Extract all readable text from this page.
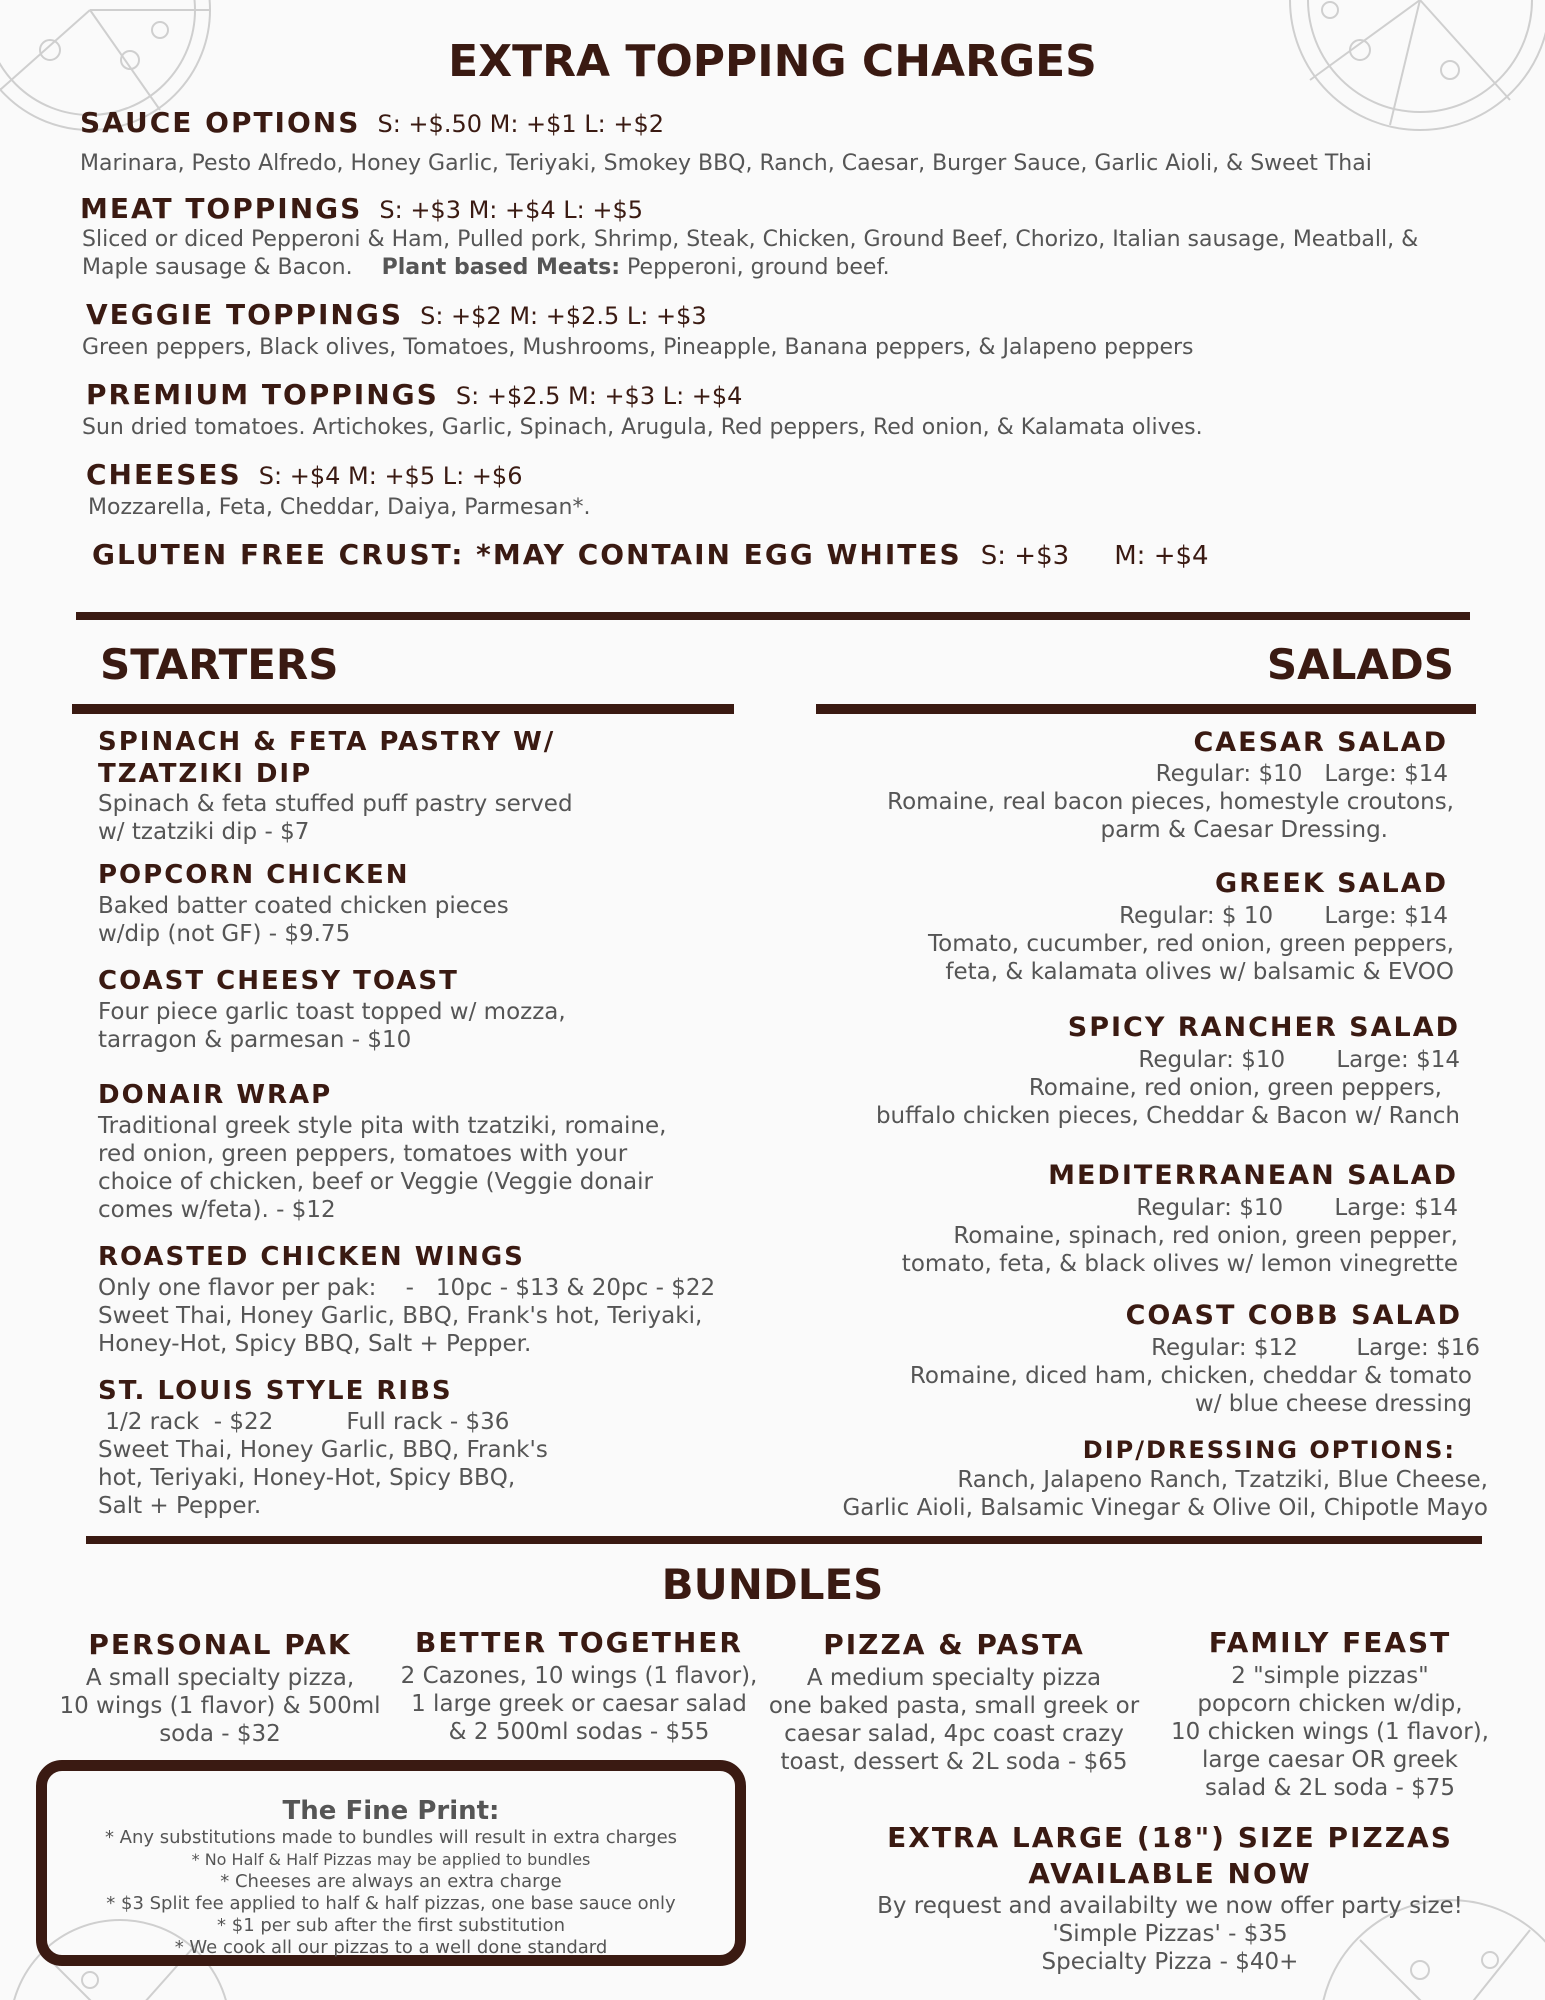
EXTRA TOPPING CHARGES
SAUCE OPTIONS S: +$.50 M: +$1 L: +$2
Marinara, Pesto Alfredo, Honey Garlic, Teriyaki, Smokey BBQ, Ranch, Caesar, Burger Sauce, Garlic Aioli, & Sweet Thai
MEAT TOPPINGS S: +$3 M: +$4 L: +$5
Sliced or diced Pepperoni & Ham, Pulled pork, Shrimp, Steak, Chicken, Ground Beef, Chorizo, Italian sausage, Meatball, &
Maple sausage & Bacon. Plant based Meats: Pepperoni, ground beef.
VEGGIE TOPPINGS S: +$2 M: +$2.5 L: +$3
Green peppers, Black olives, Tomatoes, Mushrooms, Pineapple, Banana peppers, & Jalapeno peppers
PREMIUM TOPPINGS S: +$2.5 M: +$3 L: +$4
Sun dried tomatoes. Artichokes, Garlic, Spinach, Arugula, Red peppers, Red onion, & Kalamata olives.
CHEESES S: +$4 M: +$5 L: +$6
Mozzarella, Feta, Cheddar, Daiya, Parmesan*.
GLUTEN FREE CRUST: *MAY CONTAIN EGG WHITES S: +$3 M: +$4
STARTERS
SPINACH & FETA PASTRY W/
TZATZIKI DIP
Spinach & feta stuffed puff pastry served
w/ tzatziki dip - $7
POPCORN CHICKEN
Baked batter coated chicken pieces
w/dip (not GF) - $9.75
COAST CHEESY TOAST
Four piece garlic toast topped w/ mozza,
tarragon & parmesan - $10
DONAIR WRAP
Traditional greek style pita with tzatziki, romaine,
red onion, green peppers, tomatoes with your
choice of chicken, beef or Veggie (Veggie donair
comes w/feta). - $12
ROASTED CHICKEN WINGS
Only one flavor per pak:    -   10pc - $13 & 20pc - $22
Sweet Thai, Honey Garlic, BBQ, Frank's hot, Teriyaki,
Honey-Hot, Spicy BBQ, Salt + Pepper.
ST. LOUIS STYLE RIBS
1/2 rack  - $22          Full rack - $36
Sweet Thai, Honey Garlic, BBQ, Frank's
hot, Teriyaki, Honey-Hot, Spicy BBQ,
Salt + Pepper.
SALADS
CAESAR SALAD
Regular: $10   Large: $14
Romaine, real bacon pieces, homestyle croutons,
parm & Caesar Dressing.
GREEK SALAD
Regular: $ 10       Large: $14
Tomato, cucumber, red onion, green peppers,
feta, & kalamata olives w/ balsamic & EVOO
SPICY RANCHER SALAD
Regular: $10       Large: $14
Romaine, red onion, green peppers,
buffalo chicken pieces, Cheddar & Bacon w/ Ranch
MEDITERRANEAN SALAD
Regular: $10       Large: $14
Romaine, spinach, red onion, green pepper,
tomato, feta, & black olives w/ lemon vinegrette
COAST COBB SALAD
Regular: $12        Large: $16
Romaine, diced ham, chicken, cheddar & tomato
w/ blue cheese dressing
DIP/DRESSING OPTIONS:
Ranch, Jalapeno Ranch, Tzatziki, Blue Cheese,
Garlic Aioli, Balsamic Vinegar & Olive Oil, Chipotle Mayo
BUNDLES
PERSONAL PAK
A small specialty pizza,
10 wings (1 flavor) & 500ml
soda - $32
BETTER TOGETHER
2 Cazones, 10 wings (1 flavor),
1 large greek or caesar salad
& 2 500ml sodas - $55
PIZZA & PASTA
A medium specialty pizza
one baked pasta, small greek or
caesar salad, 4pc coast crazy
toast, dessert & 2L soda - $65
FAMILY FEAST
2 "simple pizzas"
popcorn chicken w/dip,
10 chicken wings (1 flavor),
large caesar OR greek
salad & 2L soda - $75
The Fine Print:
* Any substitutions made to bundles will result in extra charges
* No Half & Half Pizzas may be applied to bundles
* Cheeses are always an extra charge
* $3 Split fee applied to half & half pizzas, one base sauce only
* $1 per sub after the first substitution
* We cook all our pizzas to a well done standard
EXTRA LARGE (18") SIZE PIZZAS
AVAILABLE NOW
By request and availabilty we now offer party size!
'Simple Pizzas' - $35
Specialty Pizza - $40+
